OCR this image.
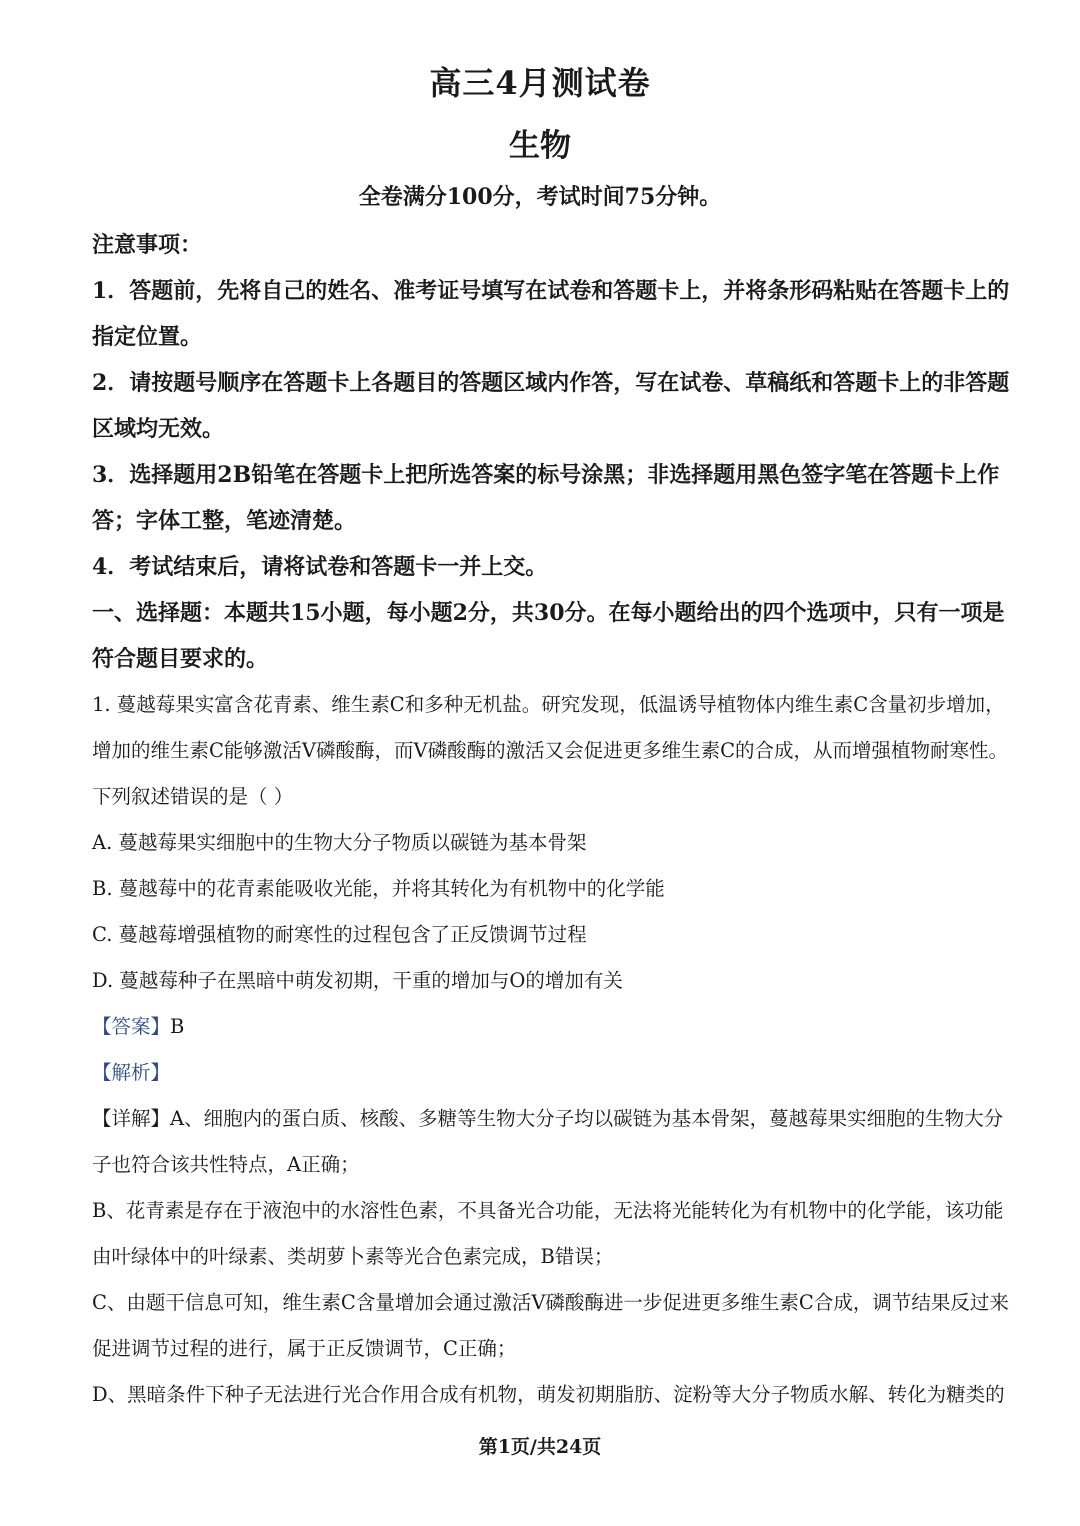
高三4月测试卷
生物
全卷满分100分，考试时间75分钟。

注意事项：

1．答题前，先将自己的姓名、准考证号填写在试卷和答题卡上，并将条形码粘贴在答题卡上的指定位置。

2．请按题号顺序在答题卡上各题目的答题区域内作答，写在试卷、草稿纸和答题卡上的非答题区域均无效。

3．选择题用2B铅笔在答题卡上把所选答案的标号涂黑；非选择题用黑色签字笔在答题卡上作答；字体工整，笔迹清楚。

4．考试结束后，请将试卷和答题卡一并上交。

一、选择题：本题共15小题，每小题2分，共30分。在每小题给出的四个选项中，只有一项是符合题目要求的。

1. 蔓越莓果实富含花青素、维生素C和多种无机盐。研究发现，低温诱导植物体内维生素C含量初步增加，增加的维生素C能够激活V磷酸酶，而V磷酸酶的激活又会促进更多维生素C的合成，从而增强植物耐寒性。下列叙述错误的是（ ）

A. 蔓越莓果实细胞中的生物大分子物质以碳链为基本骨架

B. 蔓越莓中的花青素能吸收光能，并将其转化为有机物中的化学能

C. 蔓越莓增强植物的耐寒性的过程包含了正反馈调节过程

D. 蔓越莓种子在黑暗中萌发初期，干重的增加与O的增加有关

【答案】B

【解析】

【详解】A、细胞内的蛋白质、核酸、多糖等生物大分子均以碳链为基本骨架，蔓越莓果实细胞的生物大分子也符合该共性特点，A正确；

B、花青素是存在于液泡中的水溶性色素，不具备光合功能，无法将光能转化为有机物中的化学能，该功能由叶绿体中的叶绿素、类胡萝卜素等光合色素完成，B错误；

C、由题干信息可知，维生素C含量增加会通过激活V磷酸酶进一步促进更多维生素C合成，调节结果反过来促进调节过程的进行，属于正反馈调节，C正确；

D、黑暗条件下种子无法进行光合作用合成有机物，萌发初期脂肪、淀粉等大分子物质水解、转化为糖类的

第1页/共24页
